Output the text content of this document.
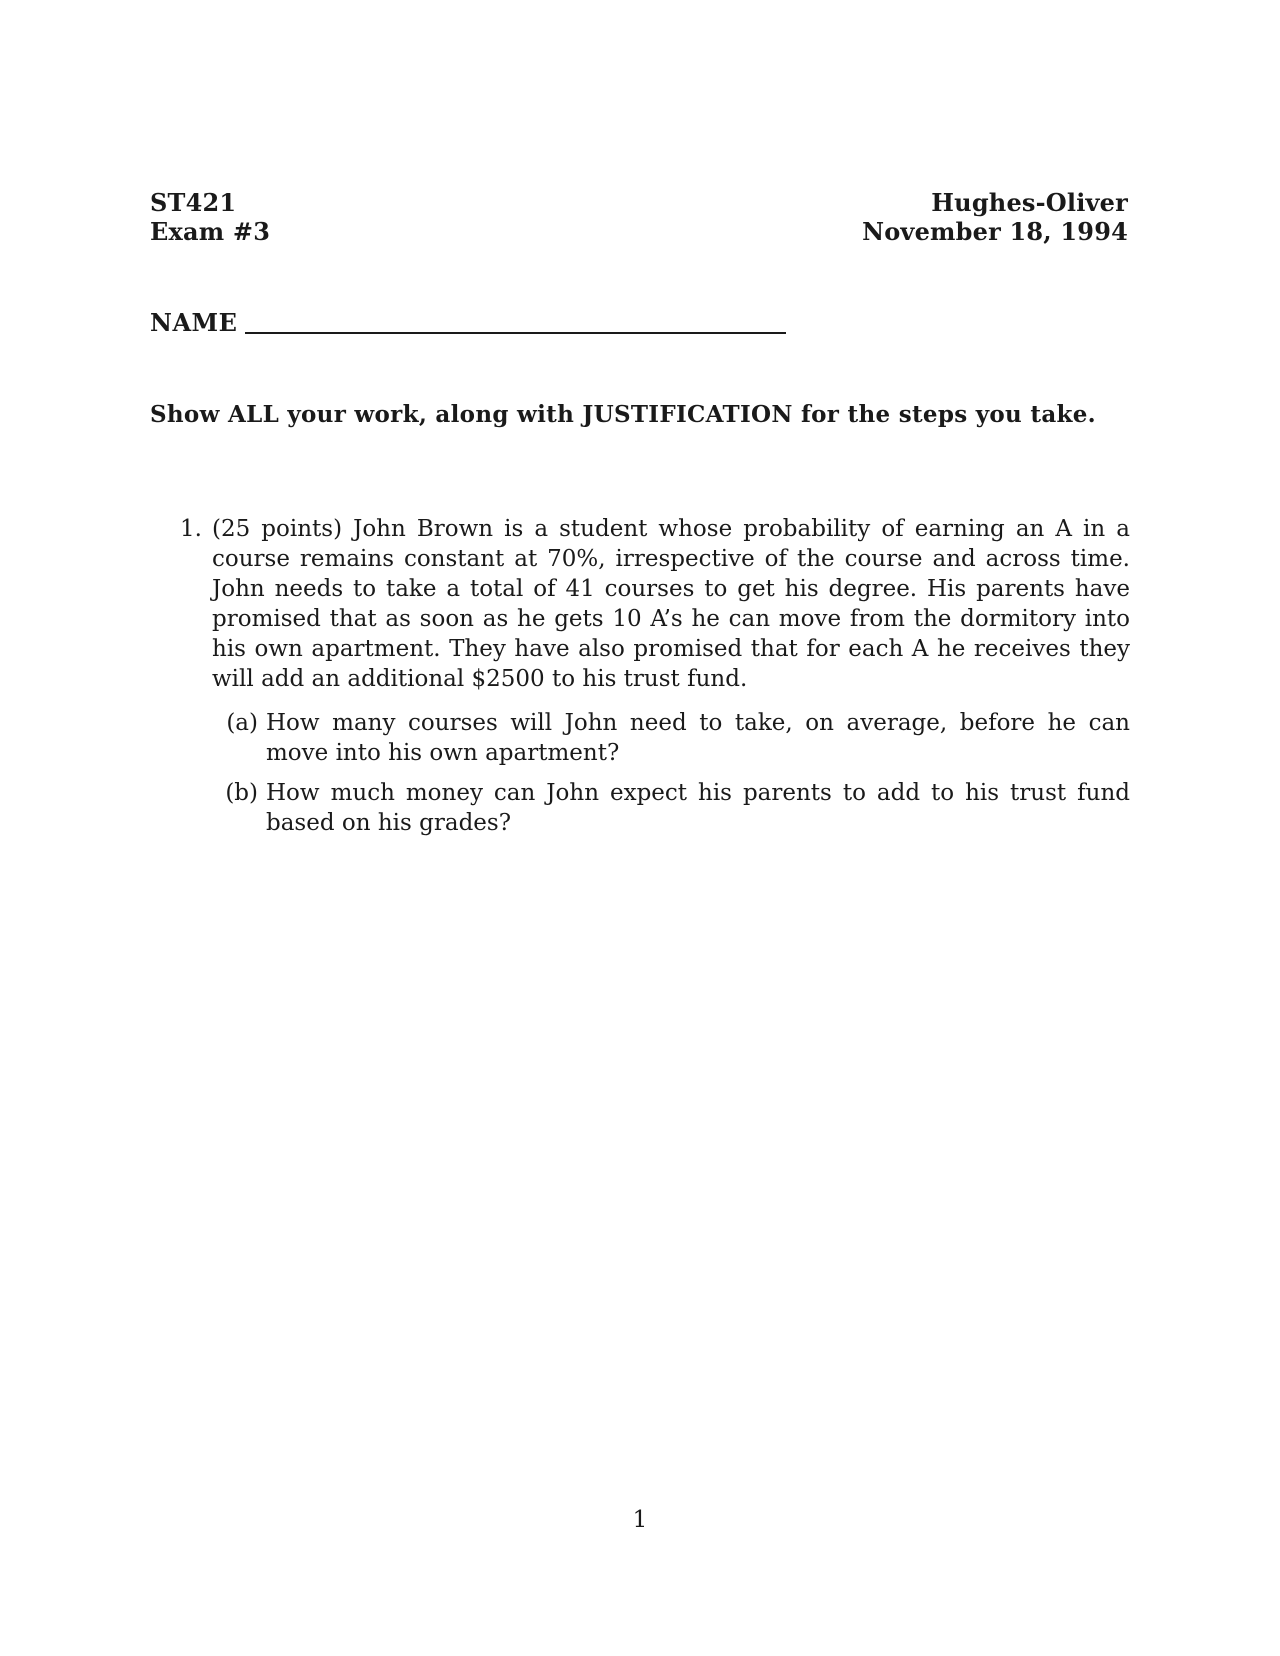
ST421
Exam #3
Hughes-Oliver
November 18, 1994
NAME
Show ALL your work, along with JUSTIFICATION for the steps you take.
1. (25 points) John Brown is a student whose probability of earning an A in a course remains constant at 70%, irrespective of the course and across time. John needs to take a total of 41 courses to get his degree. His parents have promised that as soon as he gets 10 A’s he can move from the dormitory into his own apartment. They have also promised that for each A he receives they will add an additional $2500 to his trust fund.
(a) How many courses will John need to take, on average, before he can move into his own apartment?
(b) How much money can John expect his parents to add to his trust fund based on his grades?
1
